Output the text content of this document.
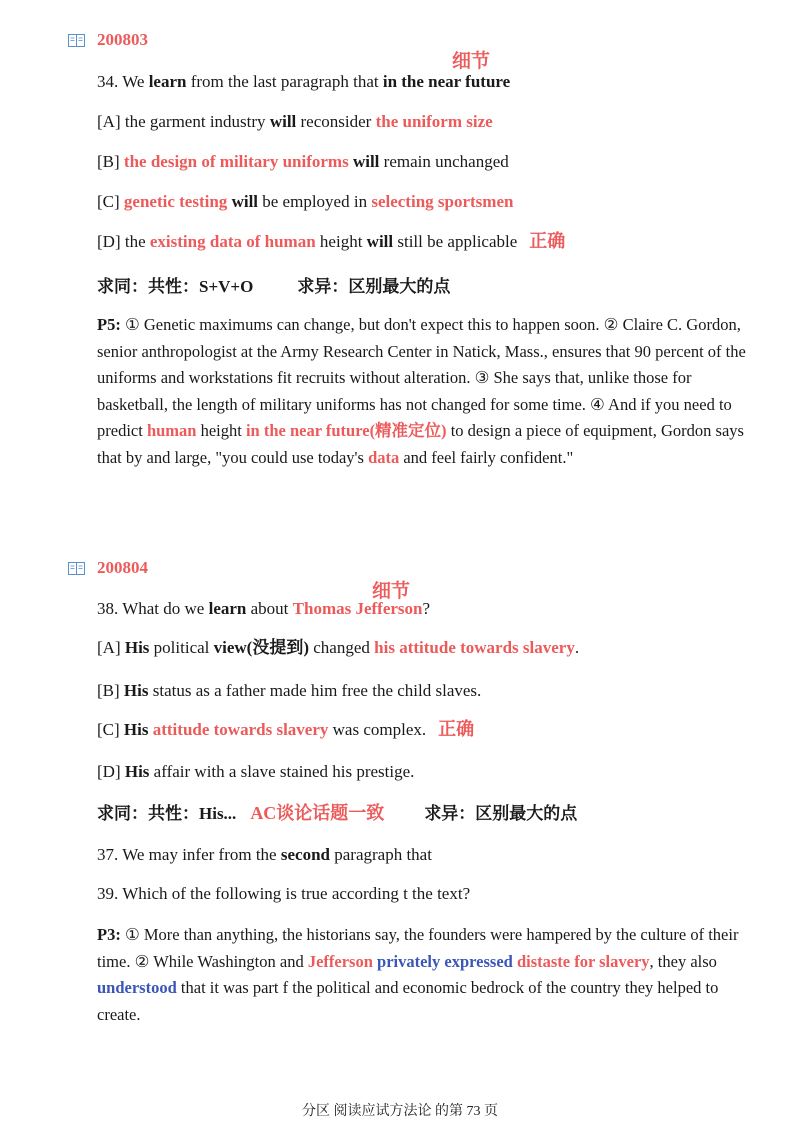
200803
细节
34. We learn from the last paragraph that in the near future
[A] the garment industry will reconsider the uniform size
[B] the design of military uniforms will remain unchanged
[C] genetic testing will be employed in selecting sportsmen
[D] the existing data of human height will still be applicable 正确
求同：共性：S+V+O	求异：区别最大的点
P5: ① Genetic maximums can change, but don't expect this to happen soon. ② Claire C. Gordon, senior anthropologist at the Army Research Center in Natick, Mass., ensures that 90 percent of the uniforms and workstations fit recruits without alteration. ③ She says that, unlike those for basketball, the length of military uniforms has not changed for some time. ④ And if you need to predict human height in the near future(精准定位) to design a piece of equipment, Gordon says that by and large, "you could use today's data and feel fairly confident."
200804
细节
38. What do we learn about Thomas Jefferson?
[A] His political view(没提到) changed his attitude towards slavery.
[B] His status as a father made him free the child slaves.
[C] His attitude towards slavery was complex. 正确
[D] His affair with a slave stained his prestige.
求同：共性：His... AC谈论话题一致 求异：区别最大的点
37. We may infer from the second paragraph that
39. Which of the following is true according t the text?
P3: ① More than anything, the historians say, the founders were hampered by the culture of their time. ② While Washington and Jefferson privately expressed distaste for slavery, they also understood that it was part f the political and economic bedrock of the country they helped to create.
分区 阅读应试方法论 的第 73 页
